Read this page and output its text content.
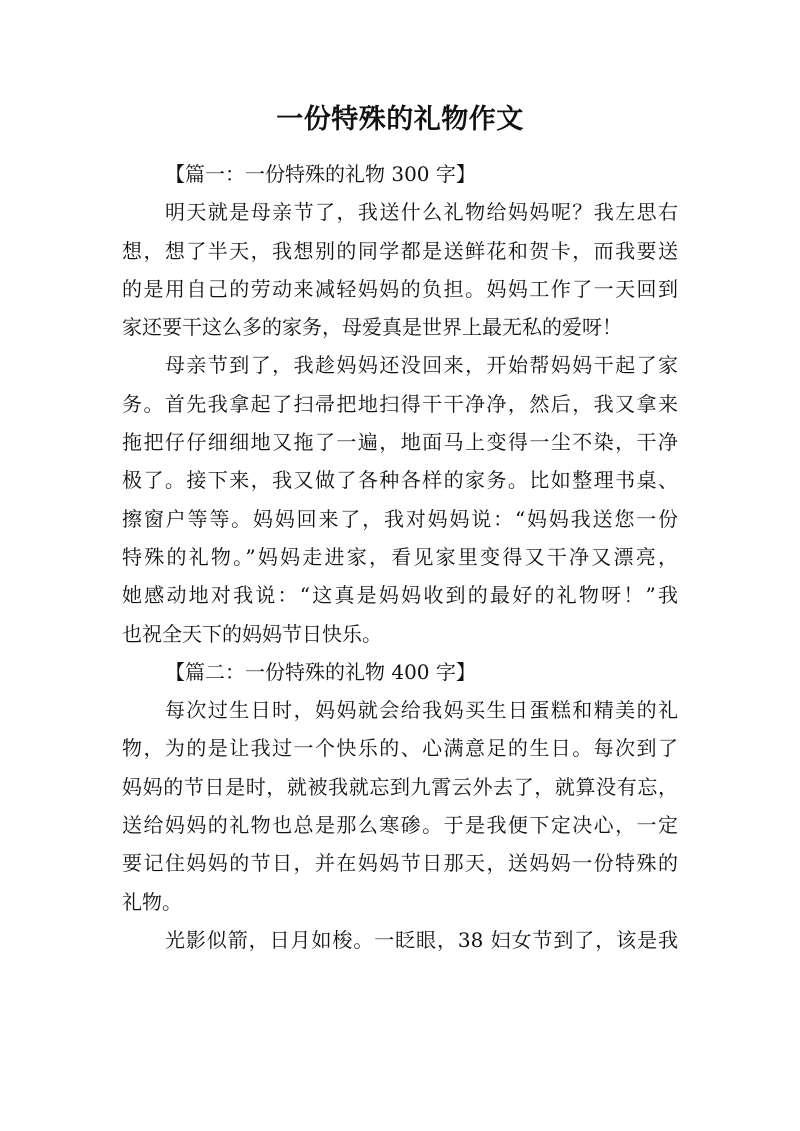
一份特殊的礼物作文
【篇一：一份特殊的礼物 300 字】
明天就是母亲节了，我送什么礼物给妈妈呢？我左思右
想，想了半天，我想别的同学都是送鲜花和贺卡，而我要送
的是用自己的劳动来减轻妈妈的负担。妈妈工作了一天回到
家还要干这么多的家务，母爱真是世界上最无私的爱呀！
母亲节到了，我趁妈妈还没回来，开始帮妈妈干起了家
务。首先我拿起了扫帚把地扫得干干净净，然后，我又拿来
拖把仔仔细细地又拖了一遍，地面马上变得一尘不染，干净
极了。接下来，我又做了各种各样的家务。比如整理书桌、
擦窗户等等。妈妈回来了，我对妈妈说：“妈妈我送您一份
特殊的礼物。”妈妈走进家，看见家里变得又干净又漂亮，
她感动地对我说：“这真是妈妈收到的最好的礼物呀！”我
也祝全天下的妈妈节日快乐。
【篇二：一份特殊的礼物 400 字】
每次过生日时，妈妈就会给我妈买生日蛋糕和精美的礼
物，为的是让我过一个快乐的、心满意足的生日。每次到了
妈妈的节日是时，就被我就忘到九霄云外去了，就算没有忘，
送给妈妈的礼物也总是那么寒碜。于是我便下定决心，一定
要记住妈妈的节日，并在妈妈节日那天，送妈妈一份特殊的
礼物。
光影似箭，日月如梭。一眨眼，38 妇女节到了，该是我
